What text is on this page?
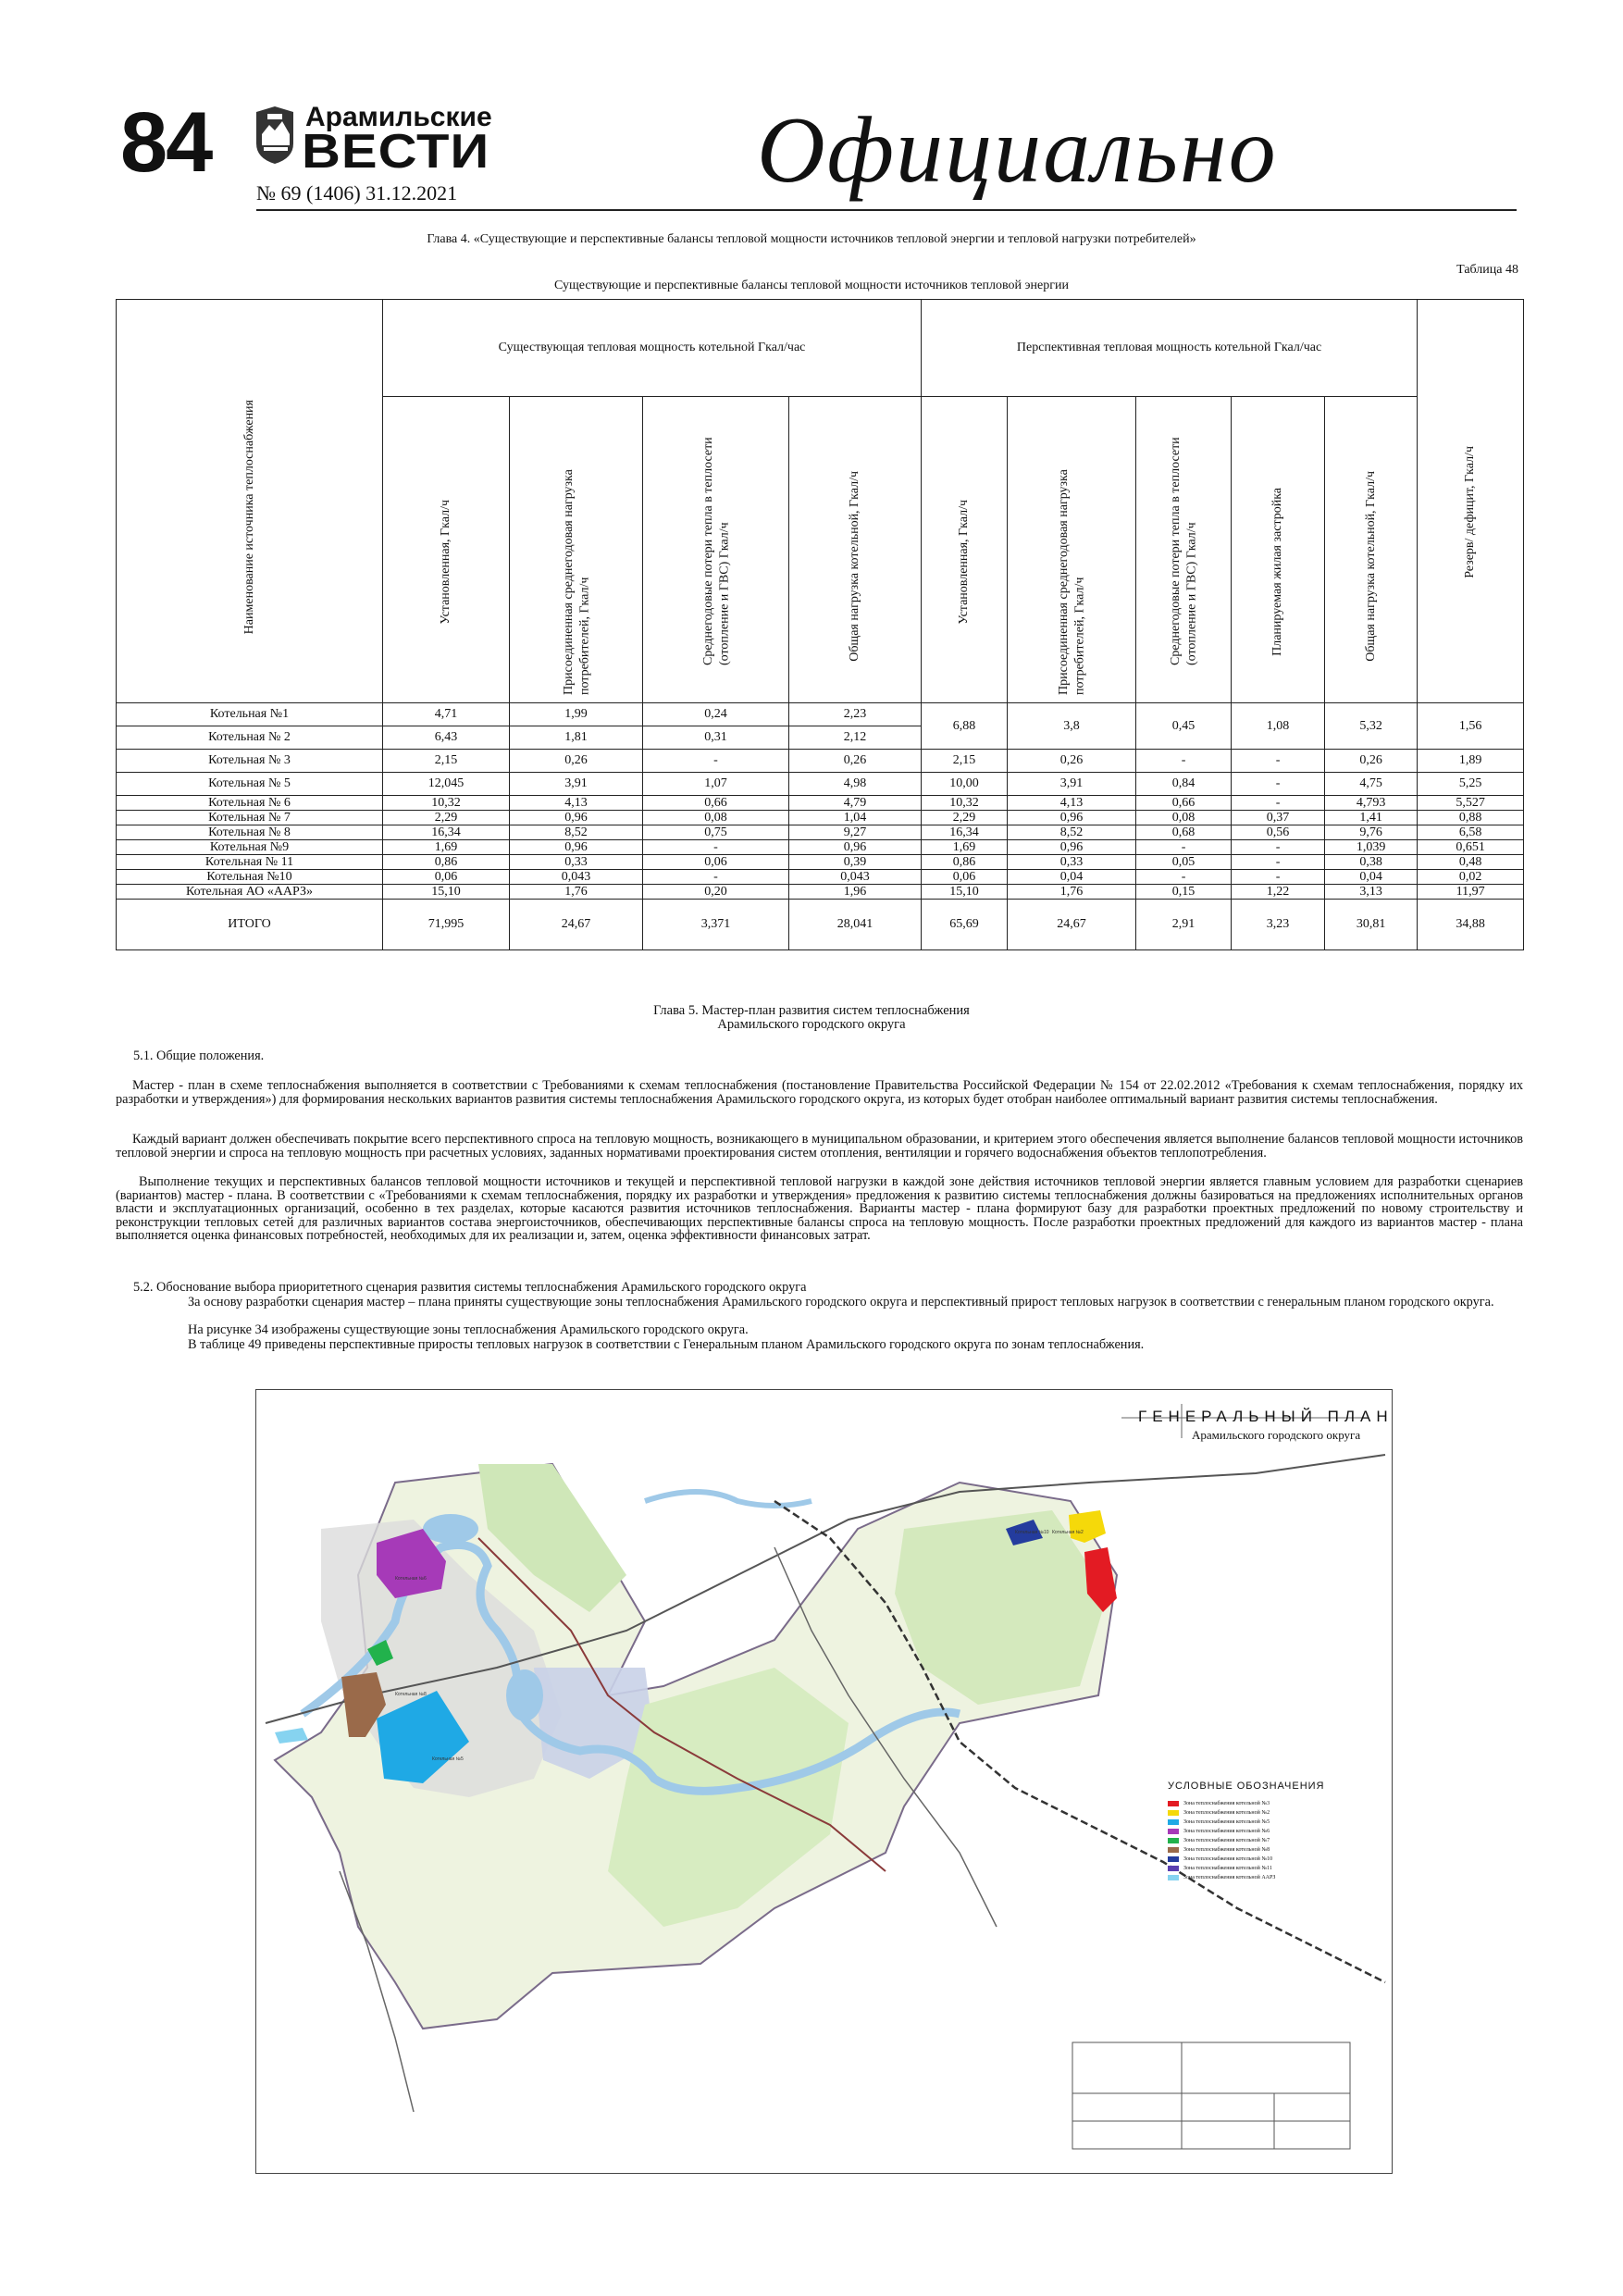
84	Арамильские
ВЕСТИ
№ 69 (1406) 31.12.2021	Официально
Глава 4. «Существующие и перспективные балансы тепловой мощности источников тепловой энергии и тепловой нагрузки потребителей»
Таблица 48
Существующие и перспективные балансы тепловой мощности источников тепловой энергии
Наименование источника теплоснабжения	Существующая тепловая мощность котельной Гкал/час				Перспективная тепловая мощность котельной Гкал/час					Резерв/ дефицит, Гкал/ч

	Установленная, Гкал/ч	Присоединенная среднегодовая нагрузка потребителей, Гкал/ч	Среднегодовые потери тепла в теплосети (отопление и ГВС) Гкал/ч	Общая нагрузка котельной, Гкал/ч	Установленная, Гкал/ч	Присоединенная среднегодовая нагрузка потребителей, Гкал/ч	Среднегодовые потери тепла в теплосети (отопление и ГВС) Гкал/ч	Планируемая жилая застройка	Общая нагрузка котельной, Гкал/ч	

Котельная №1	4,71	1,99	0,24	2,23	6,88	3,8	0,45	1,08	5,32	1,56
Котельная № 2	6,43	1,81	0,31	2,12						
Котельная № 3	2,15	0,26	-	0,26	2,15	0,26	-	-	0,26	1,89
Котельная № 5	12,045	3,91	1,07	4,98	10,00	3,91	0,84	-	4,75	5,25
Котельная № 6	10,32	4,13	0,66	4,79	10,32	4,13	0,66	-	4,793	5,527
Котельная № 7	2,29	0,96	0,08	1,04	2,29	0,96	0,08	0,37	1,41	0,88
Котельная № 8	16,34	8,52	0,75	9,27	16,34	8,52	0,68	0,56	9,76	6,58
Котельная №9	1,69	0,96	-	0,96	1,69	0,96	-	-	1,039	0,651
Котельная № 11	0,86	0,33	0,06	0,39	0,86	0,33	0,05	-	0,38	0,48
Котельная №10	0,06	0,043	-	0,043	0,06	0,04	-	-	0,04	0,02
Котельная АО «ААРЗ»	15,10	1,76	0,20	1,96	15,10	1,76	0,15	1,22	3,13	11,97
ИТОГО	71,995	24,67	3,371	28,041	65,69	24,67	2,91	3,23	30,81	34,88
Глава 5. Мастер-план развития систем теплоснабжения
Арамильского городского округа
5.1. Общие положения.
Мастер - план в схеме теплоснабжения выполняется в соответствии с Требованиями к схемам теплоснабжения (постановление Правительства Российской Федерации № 154 от 22.02.2012 «Требования к схемам теплоснабжения, порядку их разработки и утверждения») для формирования нескольких вариантов развития системы теплоснабжения Арамильского городского округа, из которых будет отобран наиболее оптимальный вариант развития системы теплоснабжения.
Каждый вариант должен обеспечивать покрытие всего перспективного спроса на тепловую мощность, возникающего в муниципальном образовании, и критерием этого обеспечения является выполнение балансов тепловой мощности источников тепловой энергии и спроса на тепловую мощность при расчетных условиях, заданных нормативами проектирования систем отопления, вентиляции и горячего водоснабжения объектов теплопотребления.
Выполнение текущих и перспективных балансов тепловой мощности источников и текущей и перспективной тепловой нагрузки в каждой зоне действия источников тепловой энергии является главным условием для разработки сценариев (вариантов) мастер - плана. В соответствии с «Требованиями к схемам теплоснабжения, порядку их разработки и утверждения» предложения к развитию системы теплоснабжения должны базироваться на предложениях исполнительных органов власти и эксплуатационных организаций, особенно в тех разделах, которые касаются развития источников теплоснабжения. Варианты мастер - плана формируют базу для разработки проектных предложений по новому строительству и реконструкции тепловых сетей для различных вариантов состава энергоисточников, обеспечивающих перспективные балансы спроса на тепловую мощность. После разработки проектных предложений для каждого из вариантов мастер - плана выполняется оценка финансовых потребностей, необходимых для их реализации и, затем, оценка эффективности финансовых затрат.
5.2. Обоснование выбора приоритетного сценария развития системы теплоснабжения Арамильского городского округа
За основу разработки сценария мастер – плана приняты существующие зоны теплоснабжения Арамильского городского округа и перспективный прирост тепловых нагрузок в соответствии с генеральным планом городского округа.
На рисунке 34 изображены существующие зоны теплоснабжения Арамильского городского округа.
В таблице 49 приведены перспективные приросты тепловых нагрузок в соответствии с Генеральным планом Арамильского городского округа по зонам теплоснабжения.
Котельная №6
Котельная №8
Котельная №5
Котельная №10 Котельная №2
ГЕНЕРАЛЬНЫЙ ПЛАН
Арамильского городского округа
УСЛОВНЫЕ ОБОЗНАЧЕНИЯ
Зона теплоснабжения котельной №3
Зона теплоснабжения котельной №2
Зона теплоснабжения котельной №5
Зона теплоснабжения котельной №6
Зона теплоснабжения котельной №7
Зона теплоснабжения котельной №8
Зона теплоснабжения котельной №10
Зона теплоснабжения котельной №11
Зона теплоснабжения котельной ААРЗ
